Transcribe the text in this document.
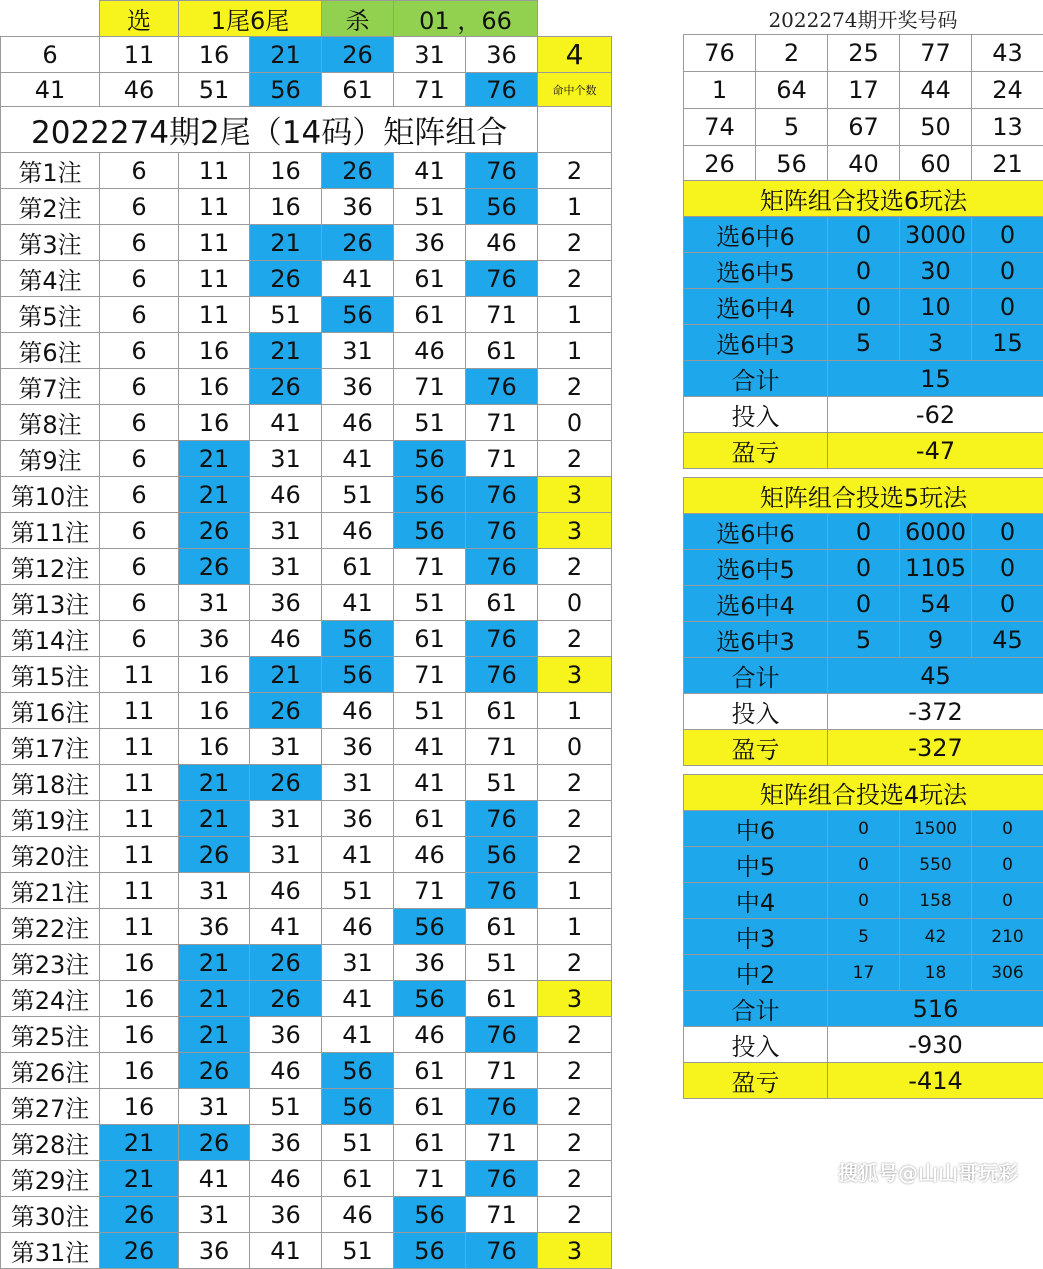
	选	1尾6尾		杀	01 ，66		
6	11	16	21	26	31	36	4
41	46	51	56	61	71	76	命中个数
2022274期2尾（14码）矩阵组合							
第1注	6	11	16	26	41	76	2
第2注	6	11	16	36	51	56	1
第3注	6	11	21	26	36	46	2
第4注	6	11	26	41	61	76	2
第5注	6	11	51	56	61	71	1
第6注	6	16	21	31	46	61	1
第7注	6	16	26	36	71	76	2
第8注	6	16	41	46	51	71	0
第9注	6	21	31	41	56	71	2
第10注	6	21	46	51	56	76	3
第11注	6	26	31	46	56	76	3
第12注	6	26	31	61	71	76	2
第13注	6	31	36	41	51	61	0
第14注	6	36	46	56	61	76	2
第15注	11	16	21	56	71	76	3
第16注	11	16	26	46	51	61	1
第17注	11	16	31	36	41	71	0
第18注	11	21	26	31	41	51	2
第19注	11	21	31	36	61	76	2
第20注	11	26	31	41	46	56	2
第21注	11	31	46	51	71	76	1
第22注	11	36	41	46	56	61	1
第23注	16	21	26	31	36	51	2
第24注	16	21	26	41	56	61	3
第25注	16	21	36	41	46	76	2
第26注	16	26	46	56	61	71	2
第27注	16	31	51	56	61	76	2
第28注	21	26	36	51	61	71	2
第29注	21	41	46	61	71	76	2
第30注	26	31	36	46	56	71	2
第31注	26	36	41	51	56	76	3
2022274期开奖号码
76	2	25	77	43
1	64	17	44	24
74	5	67	50	13
26	56	40	60	21
矩阵组合投选6玩法			
选6中6	0	3000	0
选6中5	0	30	0
选6中4	0	10	0
选6中3	5	3	15
合计	15		
投入	-62		
盈亏	-47		
矩阵组合投选5玩法			
选6中6	0	6000	0
选6中5	0	1105	0
选6中4	0	54	0
选6中3	5	9	45
合计	45		
投入	-372		
盈亏	-327		
矩阵组合投选4玩法			
中6	0	1500	0
中5	0	550	0
中4	0	158	0
中3	5	42	210
中2	17	18	306
合计	516		
投入	-930		
盈亏	-414		
搜狐号@山山哥玩彩
